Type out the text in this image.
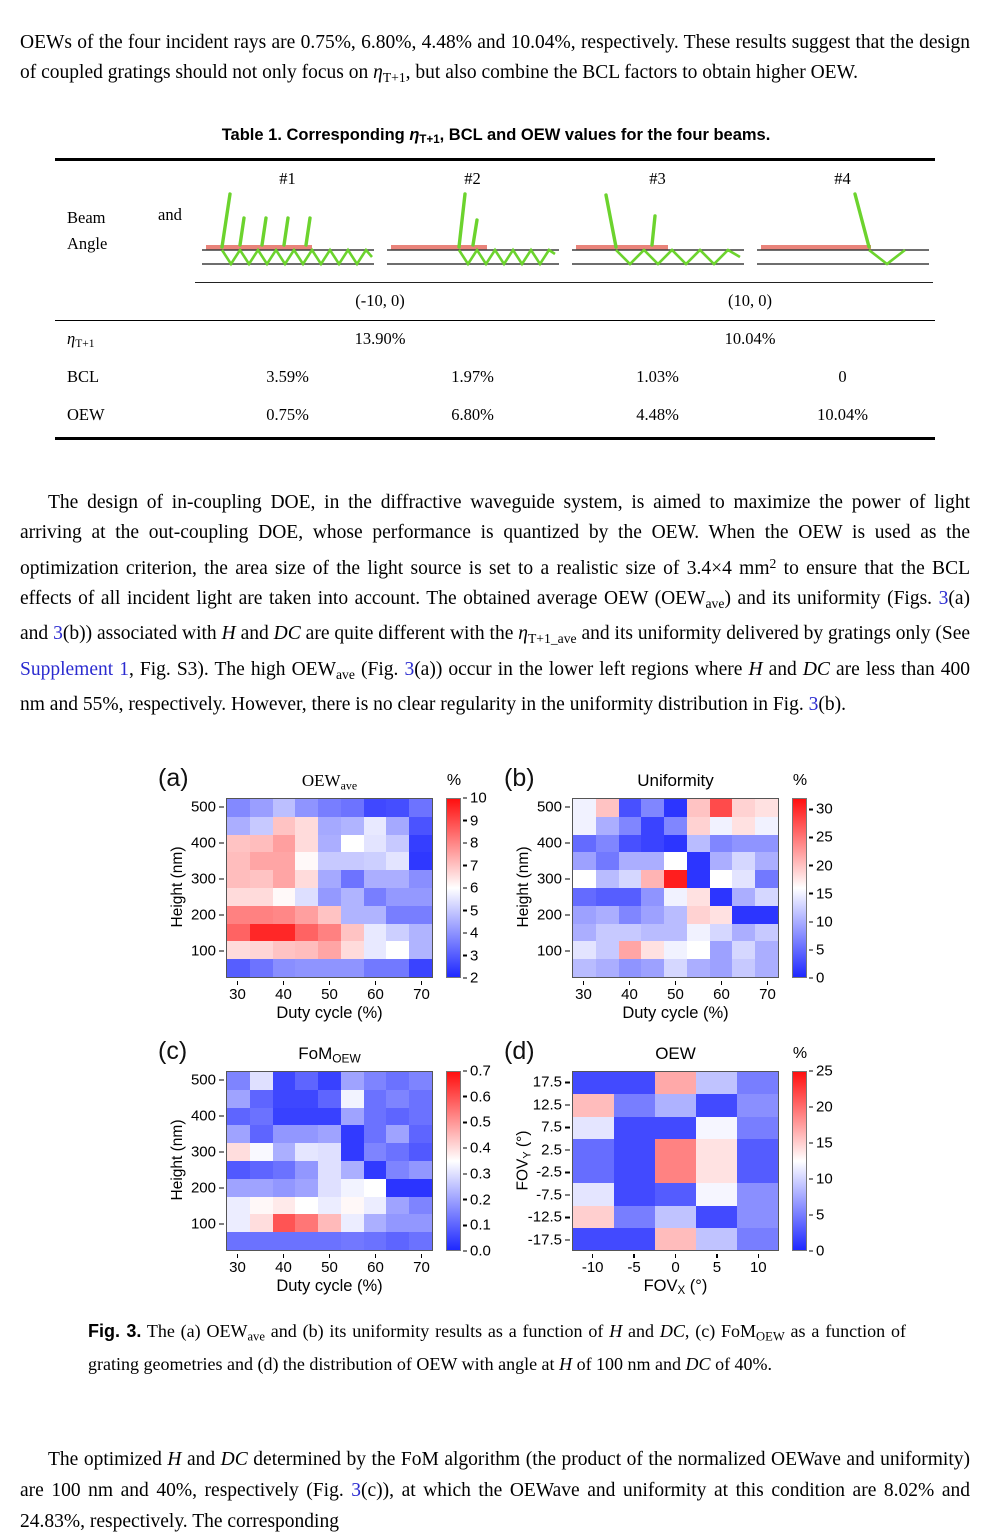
OEWs of the four incident rays are 0.75%, 6.80%, 4.48% and 10.04%, respectively. These results suggest that the design of coupled gratings should not only focus on ηT+1, but also combine the BCL factors to obtain higher OEW.

Table 1. Corresponding ηT+1, BCL and OEW values for the four beams.
#1	#2	#3	#4
Beam
Angle
and
(-10, 0)	(10, 0)
ηT+1	13.90%	10.04%
BCL	3.59%	1.97%	1.03%	0
OEW	0.75%	6.80%	4.48%	10.04%

The design of in-coupling DOE, in the diffractive waveguide system, is aimed to maximize the power of light arriving at the out-coupling DOE, whose performance is quantized by the OEW. When the OEW is used as the optimization criterion, the area size of the light source is set to a realistic size of 3.4×4 $mm^2$ to ensure that the BCL effects of all incident light are taken into account. The obtained average OEW (OEWave) and its uniformity (Figs. 3(a) and 3(b)) associated with H and DC are quite different with the ηT+1_ave and its uniformity delivered by gratings only (See Supplement 1, Fig. S3). The high OEWave (Fig. 3(a)) occur in the lower left regions where H and DC are less than 400 nm and 55%, respectively. However, there is no clear regularity in the uniformity distribution in Fig. 3(b).

(a)	OEWave
Height (nm)
500
400
300
200
100
30	40	50	60	70
Duty cycle (%)
%
10
9
8
7
6
5
4
3
2
(b)	Uniformity
Height (nm)
500
400
300
200
100
30	40	50	60	70
Duty cycle (%)
%
30
25
20
15
10
5
0
(c)	FoMOEW
Height (nm)
500
400
300
200
100
30	40	50	60	70
Duty cycle (%)
0.7
0.6
0.5
0.4
0.3
0.2
0.1
0.0
(d)	OEW
FOVY (°)
17.5
12.5
7.5
2.5
-2.5
-7.5
-12.5
-17.5
-10	-5	0	5	10
FOVX (°)
%
25
20
15
10
5
0
Fig. 3. The (a) OEWave and (b) its uniformity results as a function of H and DC, (c) FoMOEW as a function of grating geometries and (d) the distribution of OEW with angle at H of 100 nm and DC of 40%.

The optimized H and DC determined by the FoM algorithm (the product of the normalized OEWave and uniformity) are 100 nm and 40%, respectively (Fig. 3(c)), at which the OEWave and uniformity at this condition are 8.02% and 24.83%, respectively. The corresponding
